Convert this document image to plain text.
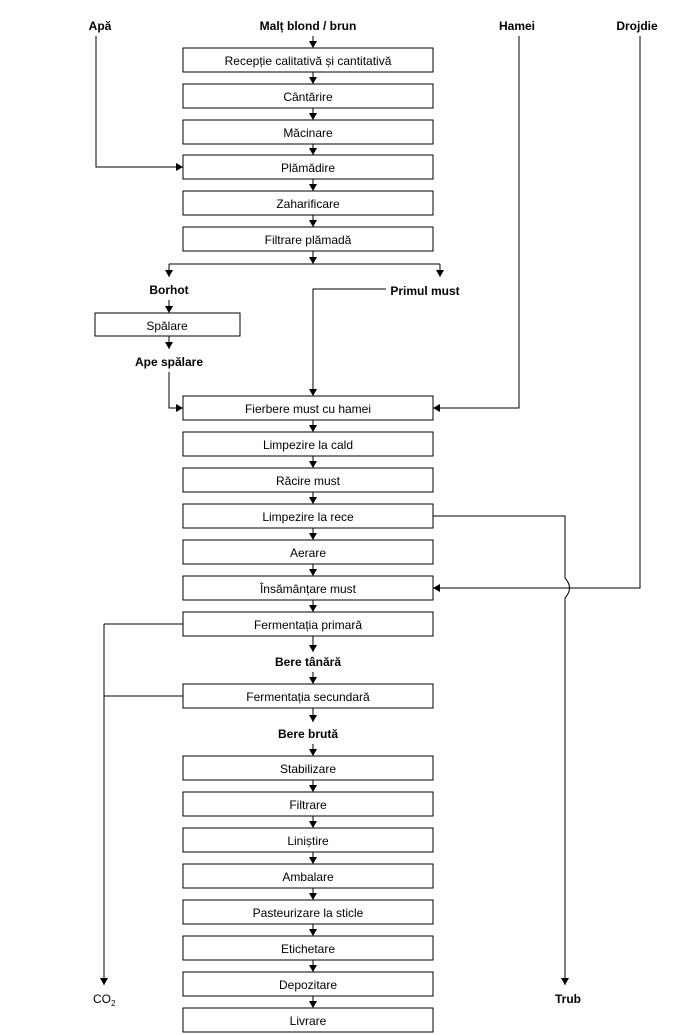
Apă	Malț blond / brun	Hamei	Drojdie
Recepție calitativă și cantitativă
Cântărire
Măcinare
Plămădire
Zaharificare
Filtrare plămadă
Fierbere must cu hamei
Limpezire la cald
Răcire must
Limpezire la rece
Aerare
Însămânțare must
Fermentația primară
Fermentația secundară
Stabilizare
Filtrare
Liniștire
Ambalare
Pasteurizare la sticle
Etichetare
Depozitare
Livrare
Spălare
Borhot	Primul must
Ape spălare
Bere tânără
Bere brută
$CO_2$	Trub
